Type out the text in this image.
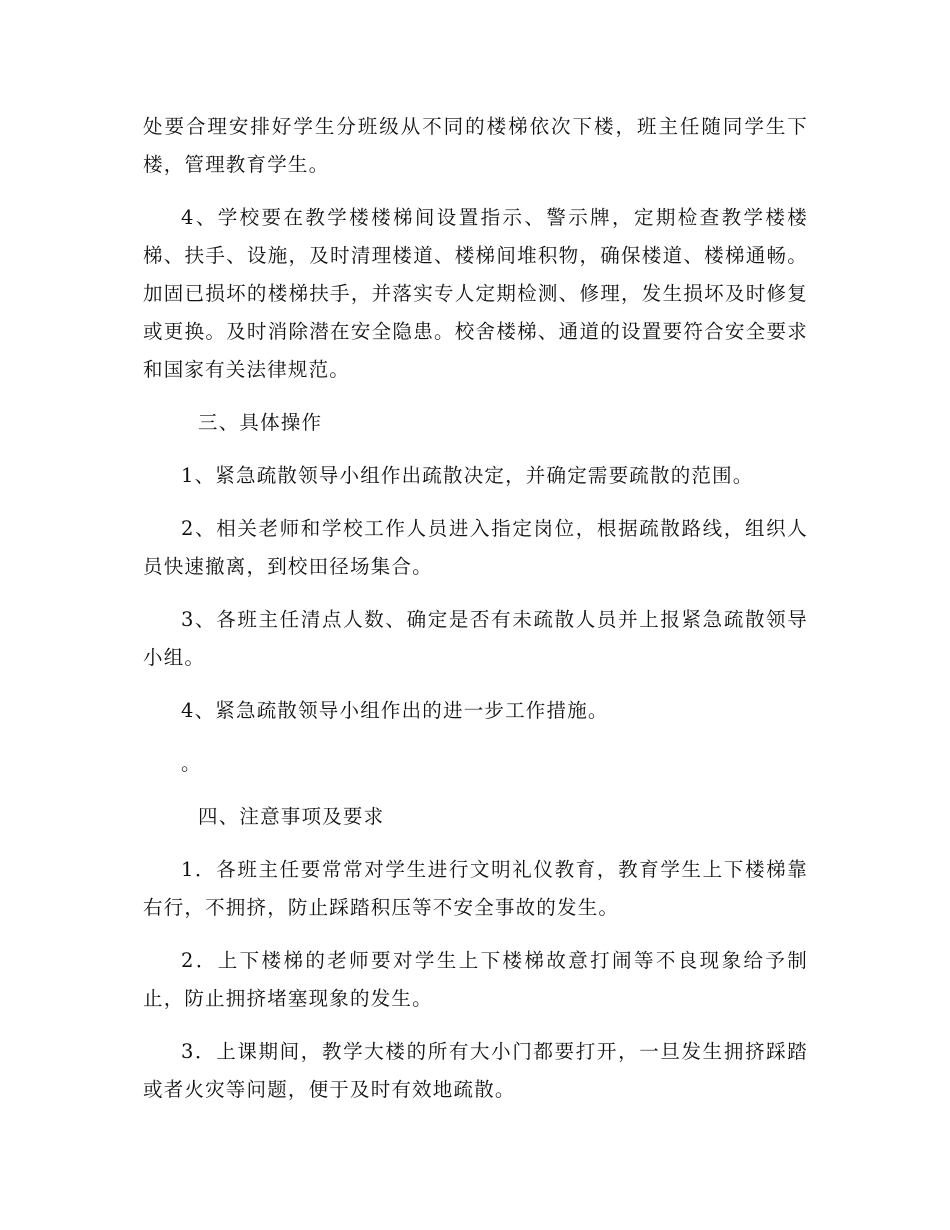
处要合理安排好学生分班级从不同的楼梯依次下楼，班主任随同学生下楼，管理教育学生。

4、学校要在教学楼楼梯间设置指示、警示牌，定期检查教学楼楼梯、扶手、设施，及时清理楼道、楼梯间堆积物，确保楼道、楼梯通畅。加固已损坏的楼梯扶手，并落实专人定期检测、修理，发生损坏及时修复或更换。及时消除潜在安全隐患。校舍楼梯、通道的设置要符合安全要求和国家有关法律规范。

三、具体操作

1、紧急疏散领导小组作出疏散决定，并确定需要疏散的范围。

2、相关老师和学校工作人员进入指定岗位，根据疏散路线，组织人员快速撤离，到校田径场集合。

3、各班主任清点人数、确定是否有未疏散人员并上报紧急疏散领导小组。

4、紧急疏散领导小组作出的进一步工作措施。

。

四、注意事项及要求

1．各班主任要常常对学生进行文明礼仪教育，教育学生上下楼梯靠右行，不拥挤，防止踩踏积压等不安全事故的发生。

2．上下楼梯的老师要对学生上下楼梯故意打闹等不良现象给予制止，防止拥挤堵塞现象的发生。

3．上课期间，教学大楼的所有大小门都要打开，一旦发生拥挤踩踏或者火灾等问题，便于及时有效地疏散。
